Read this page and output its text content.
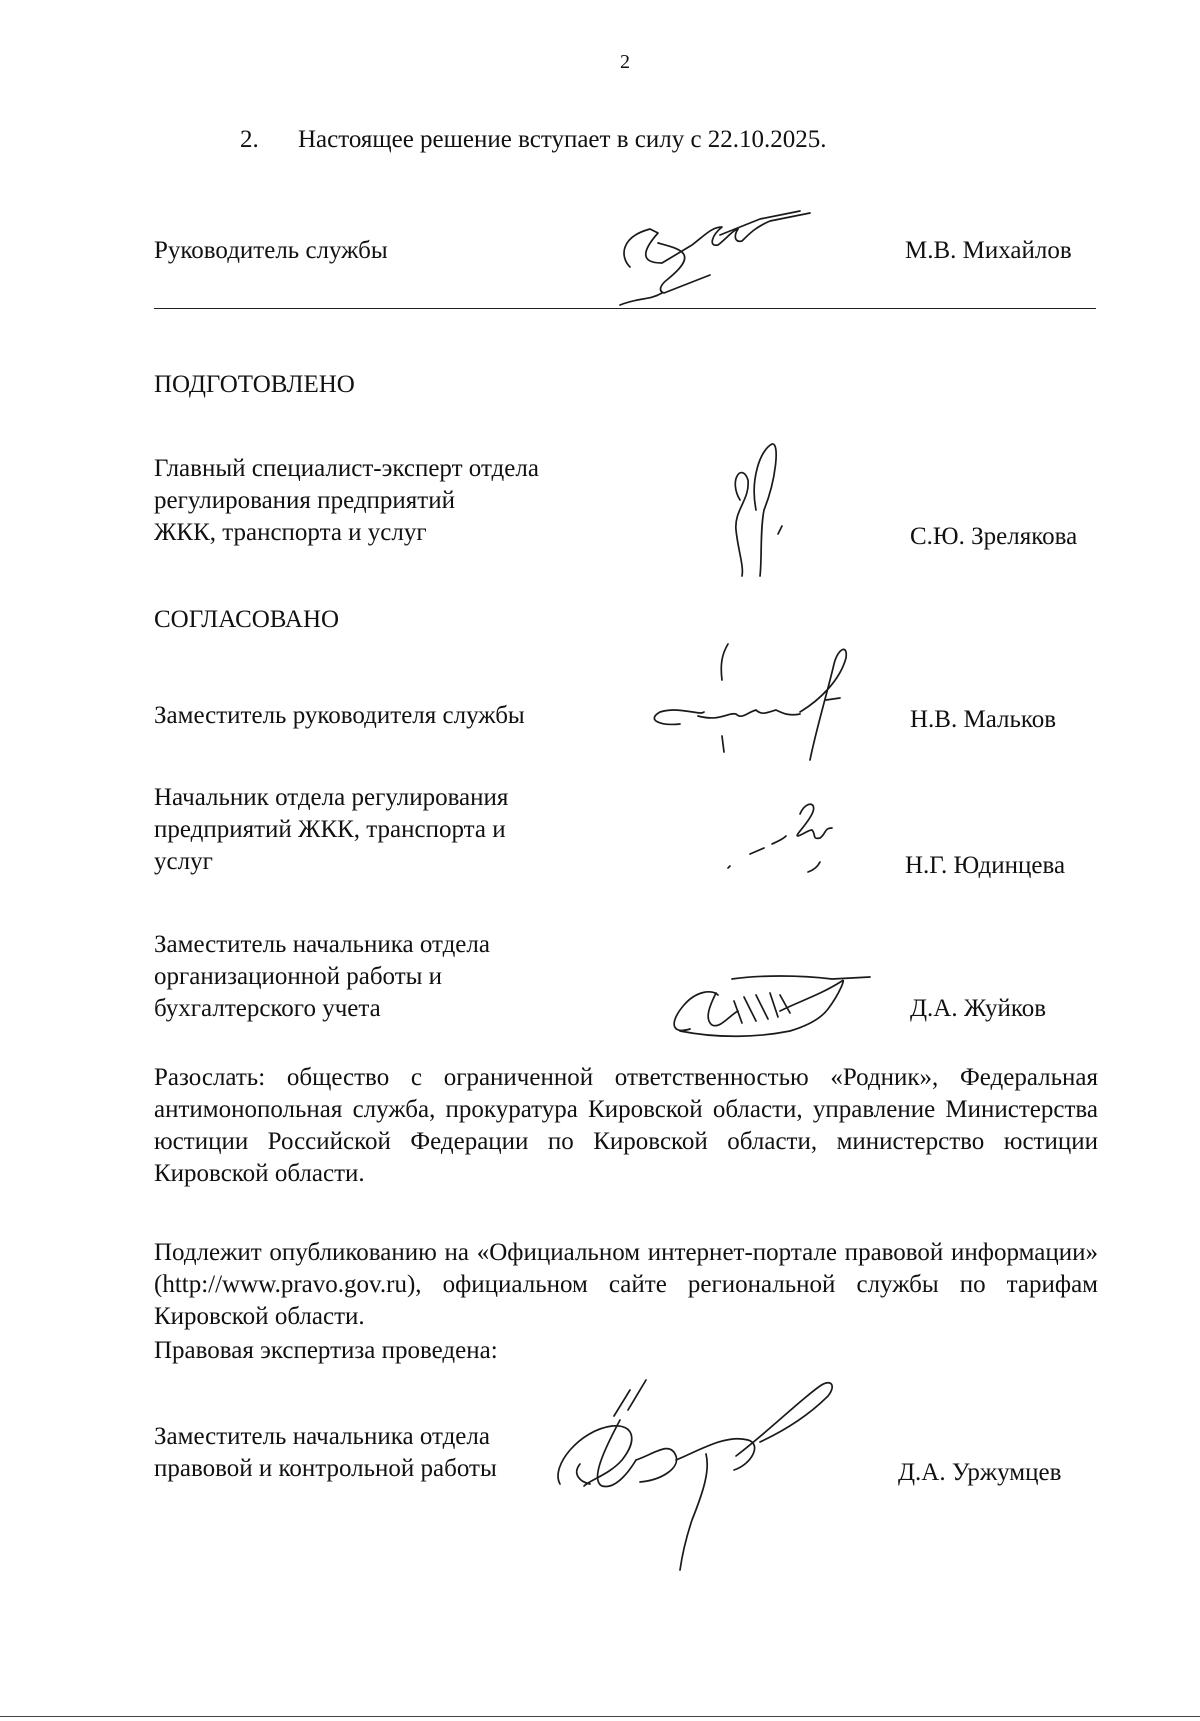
2
2. Настоящее решение вступает в силу с 22.10.2025.
Руководитель службы	М.В. Михайлов
ПОДГОТОВЛЕНО
Главный специалист-эксперт отдела
регулирования предприятий
ЖКК, транспорта и услуг	С.Ю. Зрелякова
СОГЛАСОВАНО
Заместитель руководителя службы	Н.В. Мальков
Начальник отдела регулирования
предприятий ЖКК, транспорта и
услуг	Н.Г. Юдинцева
Заместитель начальника отдела
организационной работы и
бухгалтерского учета	Д.А. Жуйков
Разослать: общество с ограниченной ответственностью «Родник», Федеральная антимонопольная служба, прокуратура Кировской области, управление Министерства юстиции Российской Федерации по Кировской области, министерство юстиции Кировской области.
Подлежит опубликованию на «Официальном интернет-портале правовой информации» (http://www.pravo.gov.ru), официальном сайте региональной службы по тарифам Кировской области.
Правовая экспертиза проведена:
Заместитель начальника отдела
правовой и контрольной работы	Д.А. Уржумцев
